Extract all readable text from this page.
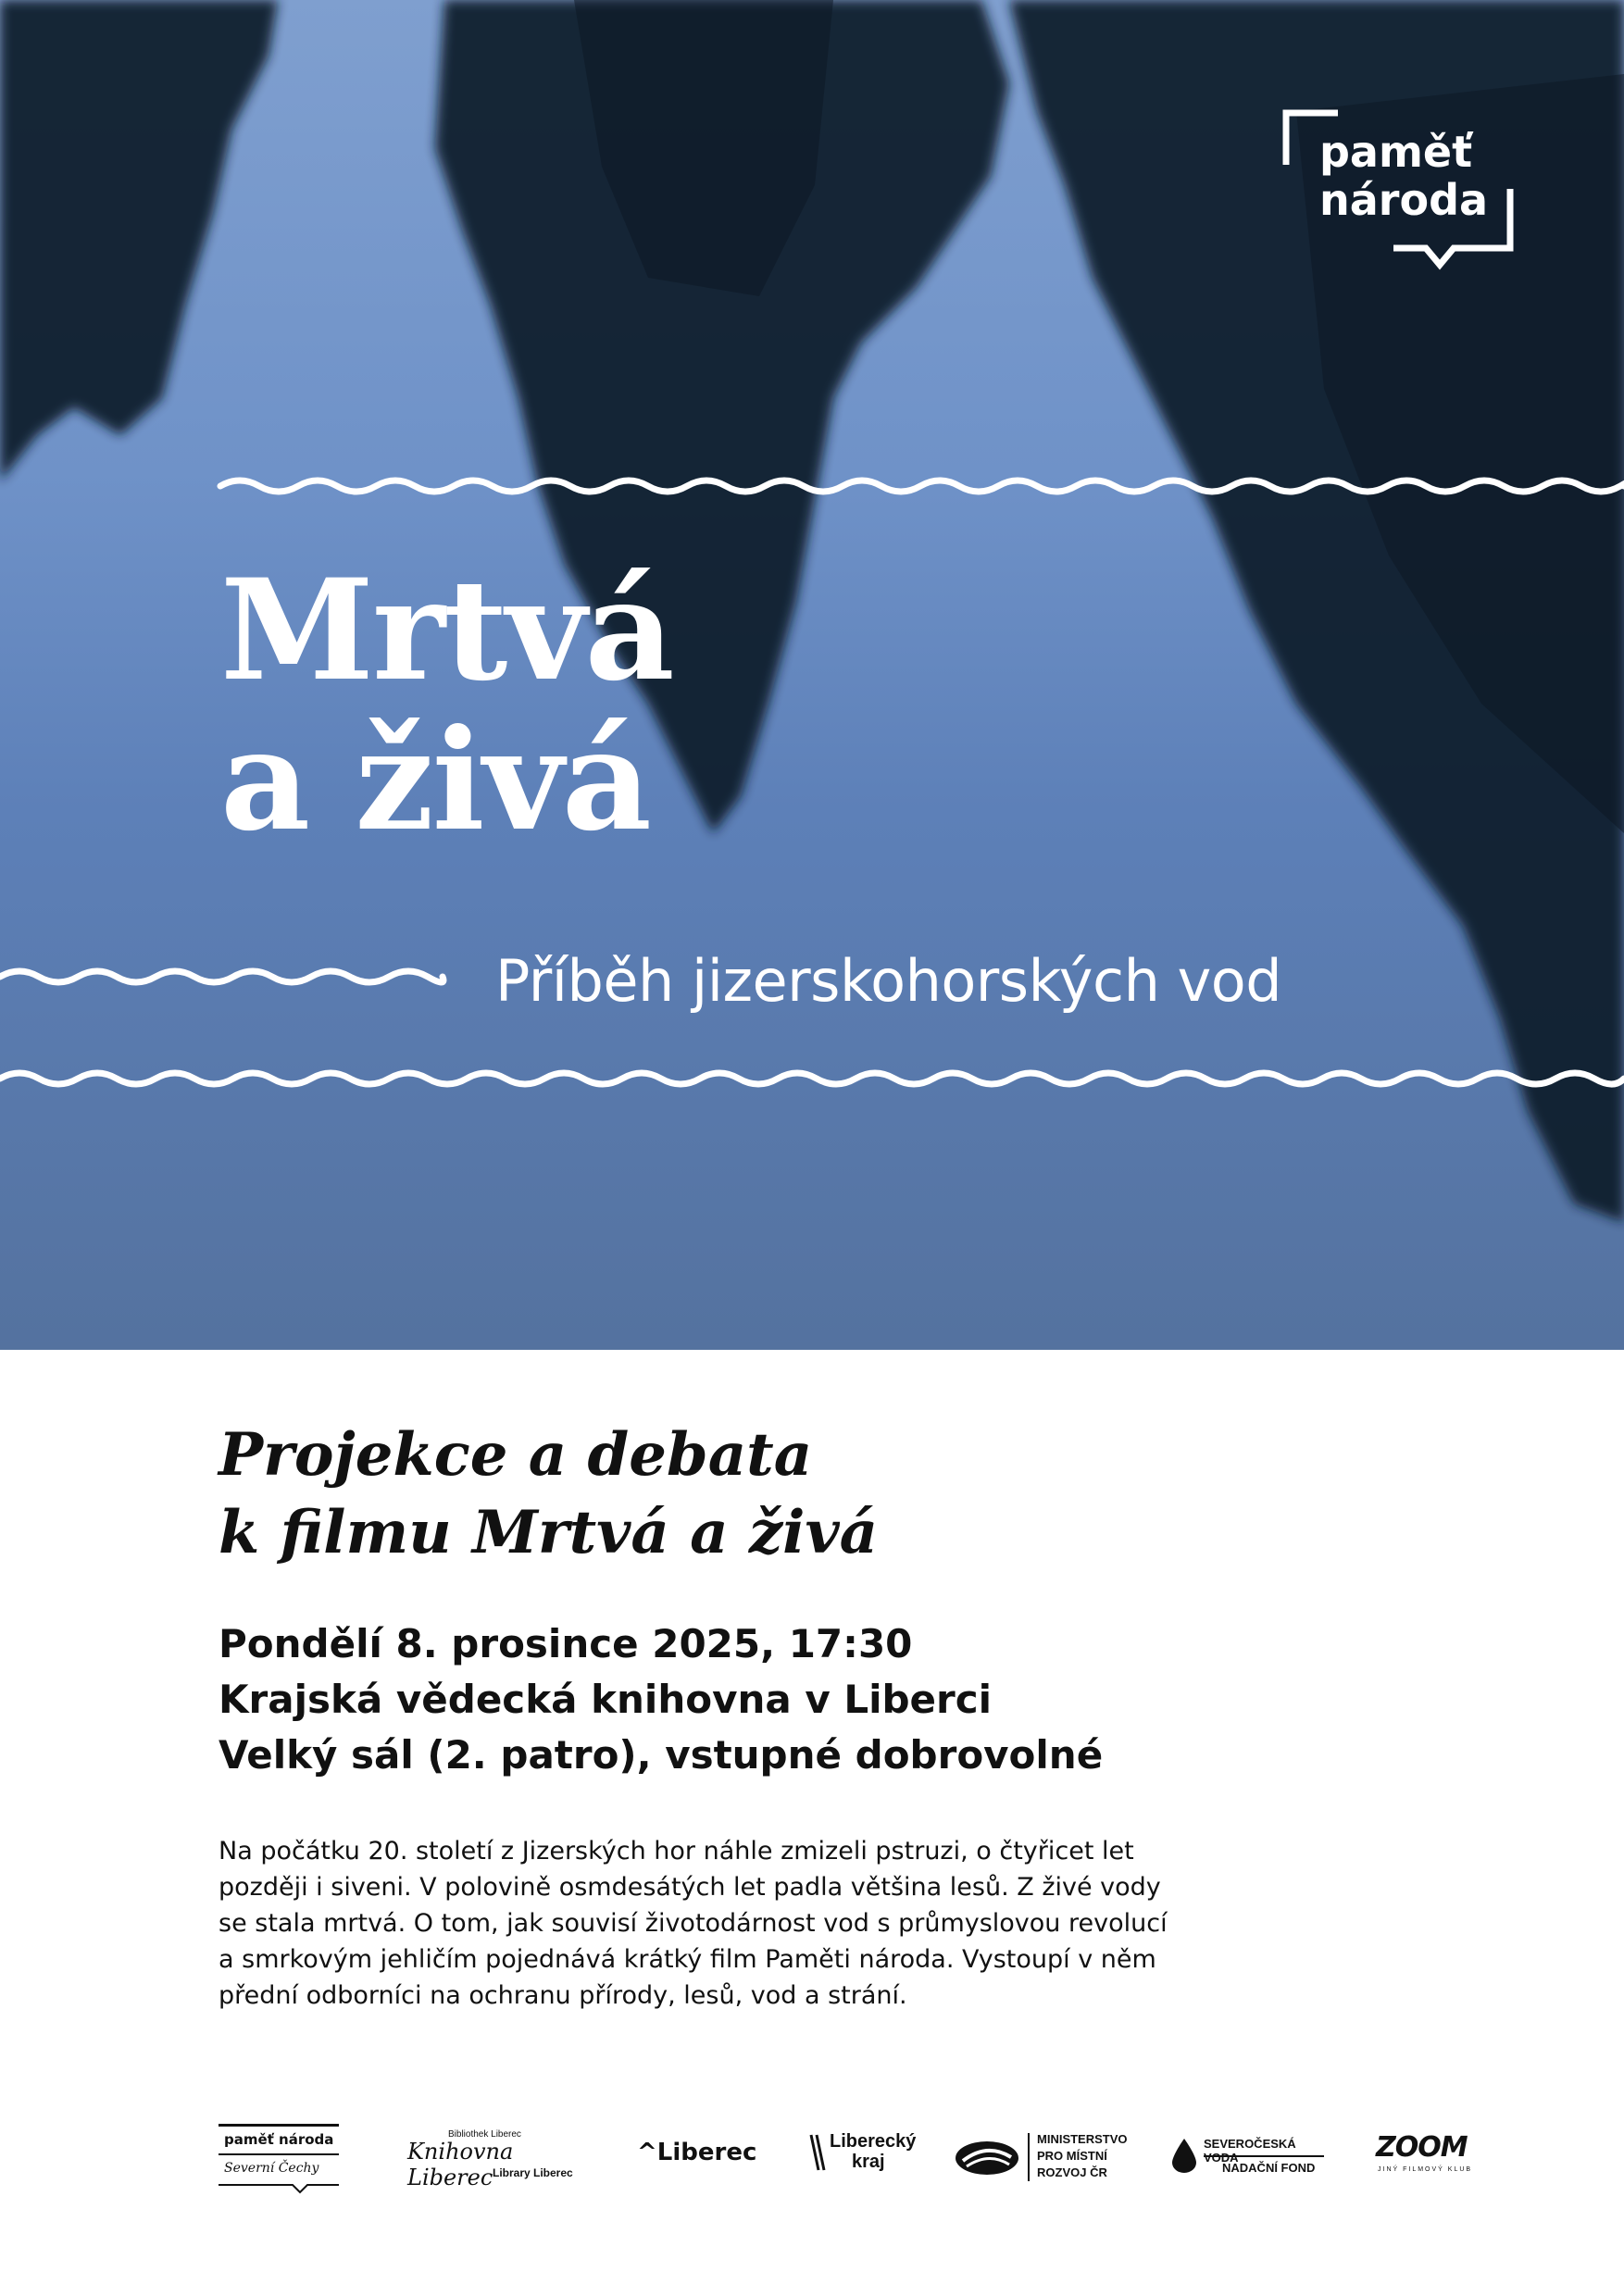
paměť
národa
Mrtvá
a živá
Příběh jizerskohorských vod
Projekce a debata
k filmu Mrtvá a živá
Pondělí 8. prosince 2025, 17:30
Krajská vědecká knihovna v Liberci
Velký sál (2. patro), vstupné dobrovolné
Na počátku 20. století z Jizerských hor náhle zmizeli pstruzi, o čtyřicet let
později i siveni. V polovině osmdesátých let padla většina lesů. Z živé vody
se stala mrtvá. O tom, jak souvisí životodárnost vod s průmyslovou revolucí
a smrkovým jehličím pojednává krátký film Paměti národa. Vystoupí v něm
přední odborníci na ochranu přírody, lesů, vod a strání.
paměť národa
Severní Čechy
Bibliothek Liberec
Knihovna Liberec Library Liberec
^Liberec	Liberecký
kraj
MINISTERSTVO
PRO MÍSTNÍ
ROZVOJ ČR
SEVEROČESKÁ VODA
NADAČNÍ FOND
ZOOM
JINÝ FILMOVÝ KLUB
